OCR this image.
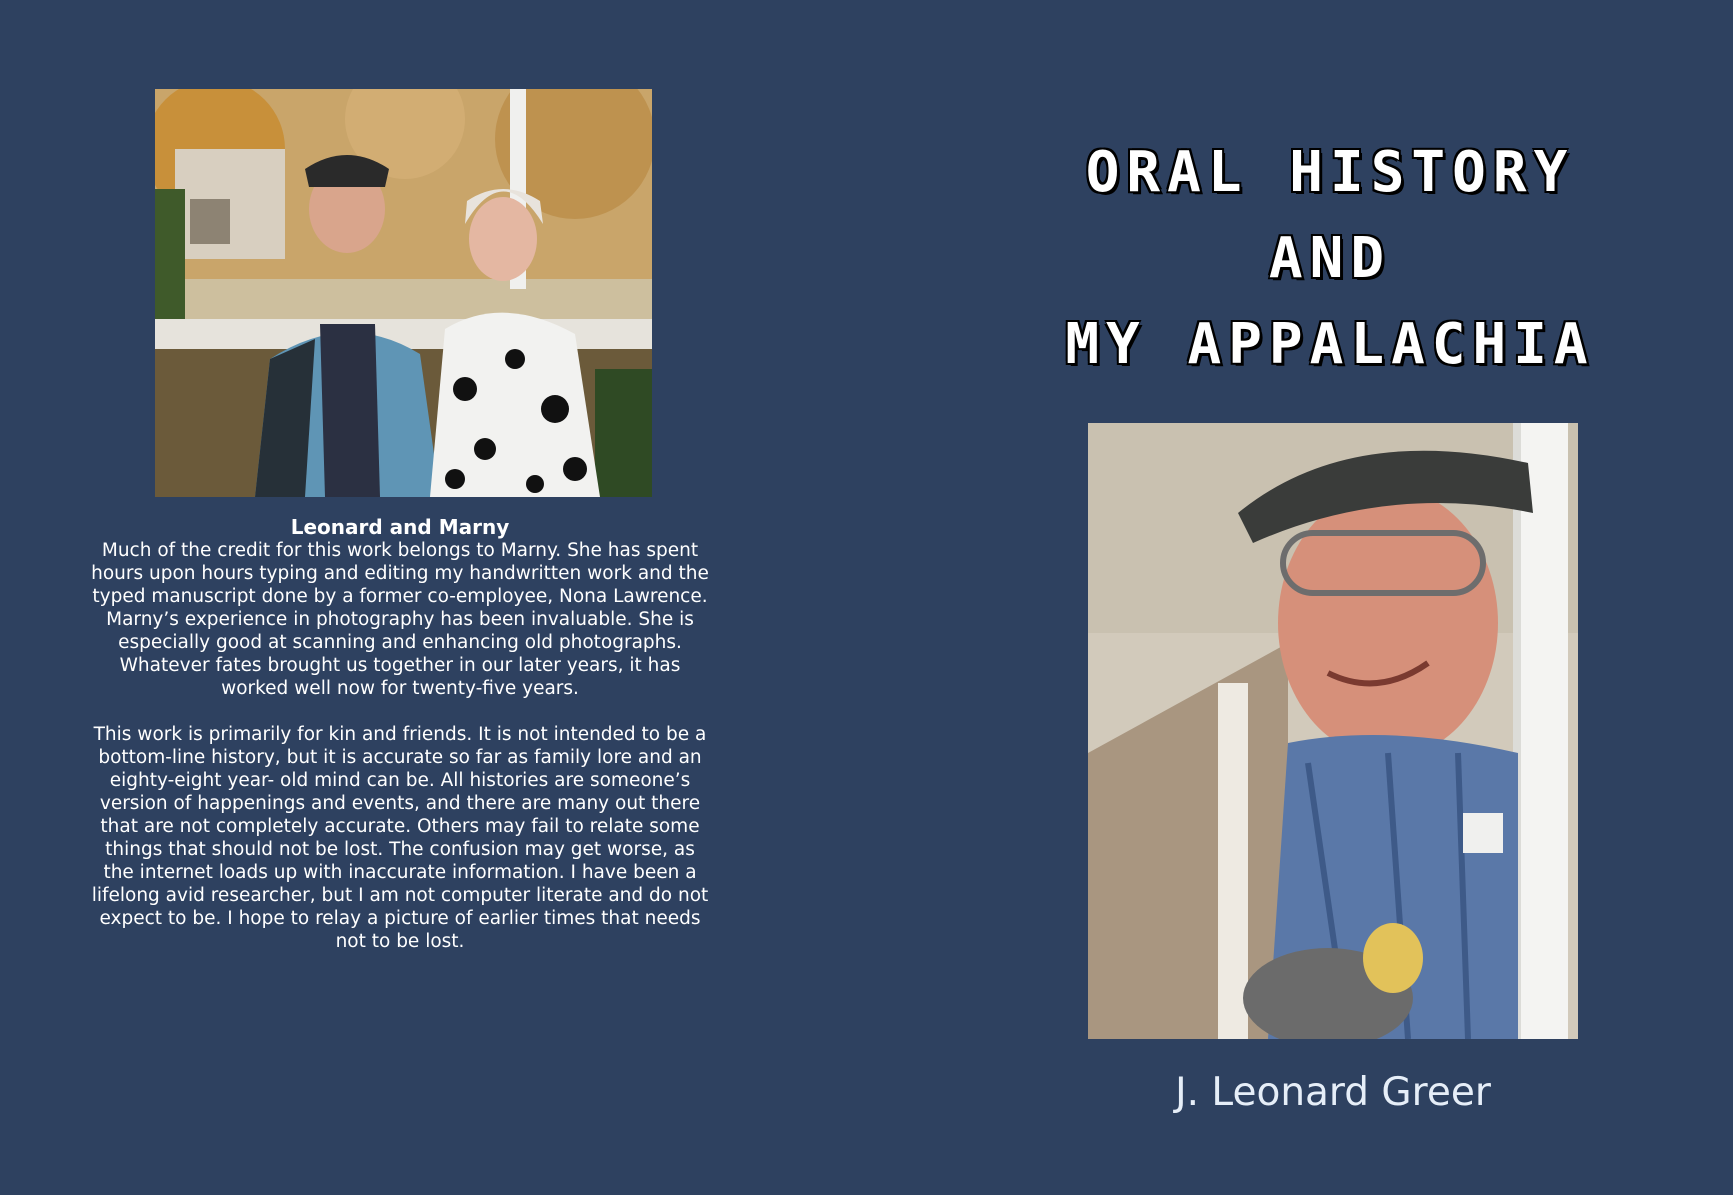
Leonard and Marny

Much of the credit for this work belongs to Marny. She has spent hours upon hours typing and editing my handwritten work and the typed manuscript done by a former co-employee, Nona Lawrence. Marny’s experience in photography has been invaluable. She is especially good at scanning and enhancing old photographs. Whatever fates brought us together in our later years, it has worked well now for twenty-five years.

This work is primarily for kin and friends. It is not intended to be a bottom-line history, but it is accurate so far as family lore and an eighty-eight year- old mind can be. All histories are someone’s version of happenings and events, and there are many out there that are not completely accurate. Others may fail to relate some things that should not be lost. The confusion may get worse, as the internet loads up with inaccurate information. I have been a lifelong avid researcher, but I am not computer literate and do not expect to be. I hope to relay a picture of earlier times that needs not to be lost.

ORAL HISTORY
AND
MY APPALACHIA
J. Leonard Greer
